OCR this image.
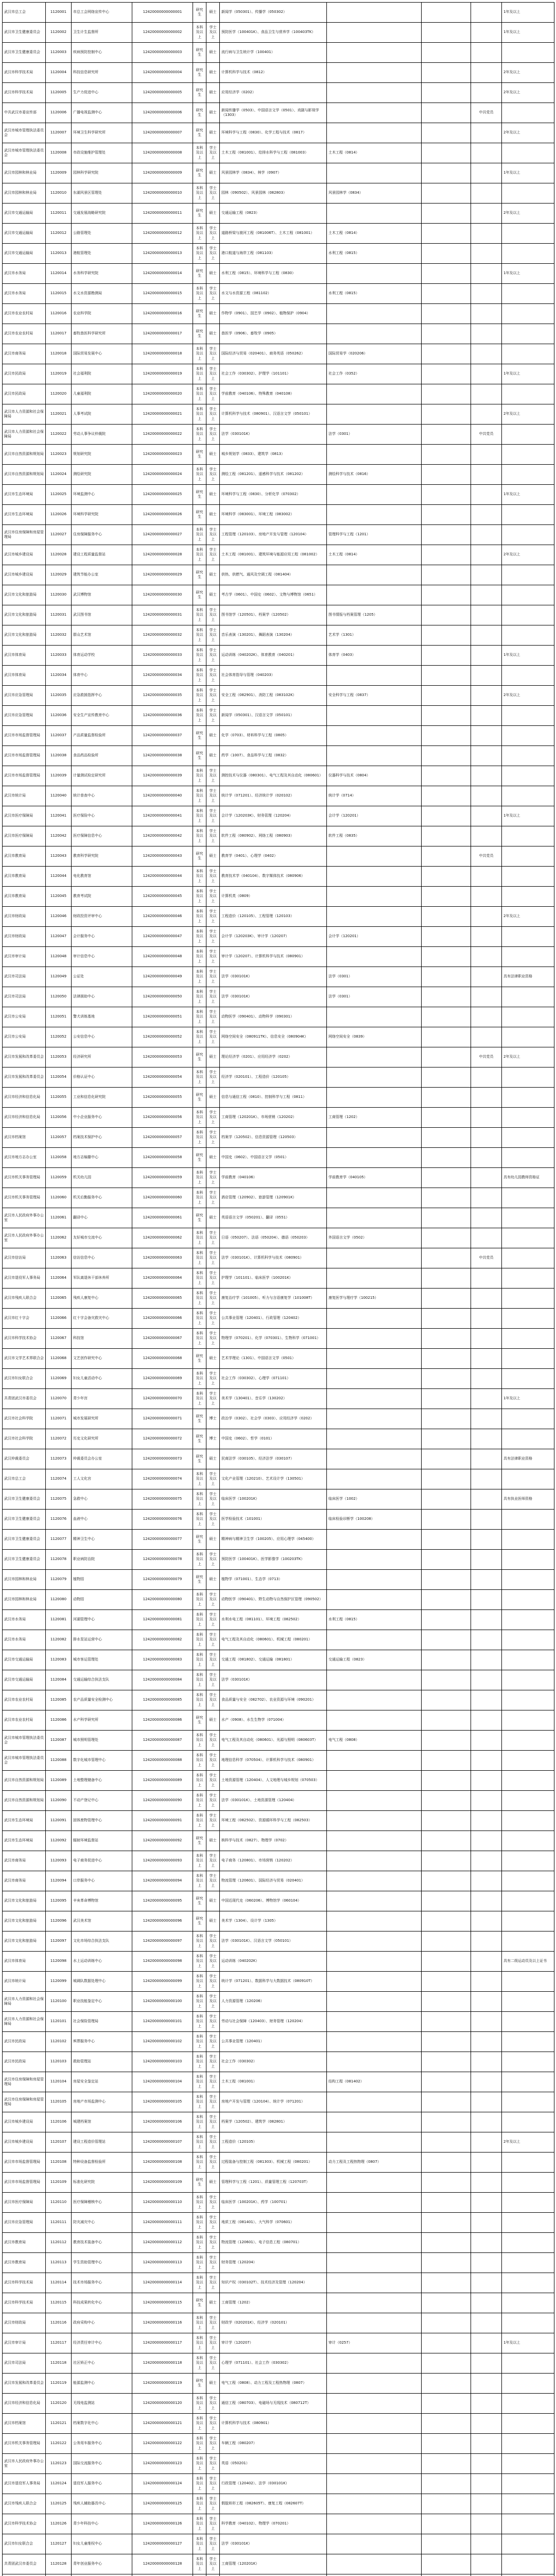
武汉市总工会	1120001	市总工会网络宣传中心	12420000000000001	研究生	硕士	新闻学（050301）、传播学（050302）				1年及以上
武汉市卫生健康委员会	1120002	卫生计生监督所	12420000000000002	本科及以上	学士及以上	预防医学（100401K）、食品卫生与营养学（100403TK）				1年及以上
武汉市卫生健康委员会	1120003	疾病预防控制中心	12420000000000003	研究生	硕士	流行病与卫生统计学（100401）				
武汉市科学技术局	1120004	科技信息研究所	12420000000000004	研究生	硕士	计算机科学与技术（0812）				2年及以上
武汉市科学技术局	1120005	生产力促进中心	12420000000000005	研究生	硕士	应用经济学（0202）				2年及以上
中共武汉市委宣传部	1120006	广播电视监测中心	12420000000000006	研究生	硕士	新闻传播学（0503）、中国语言文学（0501）、戏剧与影视学（1303）			中共党员	
武汉市城市管理执法委员会	1120007	环境卫生科学研究所	12420000000000007	研究生	硕士	环境科学与工程（0830）、化学工程与技术（0817）				2年及以上
武汉市城市管理执法委员会	1120008	市政设施维护管理处	12420000000000008	本科及以上	学士及以上	土木工程（081001）、给排水科学与工程（081003）	土木工程（0814）			
武汉市园林和林业局	1120009	园林科学研究院	12420000000000009	研究生	硕士	风景园林学（0834）、林学（0907）				1年及以上
武汉市园林和林业局	1120010	东湖风景区管理处	12420000000000010	本科及以上	学士及以上	园林（090502）、风景园林（082803）	风景园林学（0834）			
武汉市交通运输局	1120011	交通发展战略研究院	12420000000000011	研究生	硕士	交通运输工程（0823）				2年及以上
武汉市交通运输局	1120012	公路管理处	12420000000000012	本科及以上	学士及以上	道路桥梁与渡河工程（081006T）、土木工程（081001）	土木工程（0814）			
武汉市交通运输局	1120013	港航管理处	12420000000000013	本科及以上	学士及以上	港口航道与海岸工程（081103）	水利工程（0815）			
武汉市水务局	1120014	水务科学研究院	12420000000000014	研究生	硕士	水利工程（0815）、环境科学与工程（0830）				1年及以上
武汉市水务局	1120015	水文水资源勘测局	12420000000000015	本科及以上	学士及以上	水文与水资源工程（081102）	水利工程（0815）			
武汉市农业农村局	1120016	农业科学院	12420000000000016	研究生	硕士	作物学（0901）、园艺学（0902）、植物保护（0904）				
武汉市农业农村局	1120017	畜牧兽医科学研究所	12420000000000017	研究生	硕士	兽医学（0906）、畜牧学（0905）				
武汉市商务局	1120018	国际贸易发展中心	12420000000000018	本科及以上	学士及以上	国际经济与贸易（020401）、商务英语（050262）	国际贸易学（020206）			
武汉市民政局	1120019	社会福利院	12420000000000019	本科及以上	学士及以上	社会工作（030302）、护理学（101101）	社会工作（0352）			1年及以上
武汉市民政局	1120020	儿童福利院	12420000000000020	本科及以上	学士及以上	学前教育（040106）、特殊教育（040108）				
武汉市人力资源和社会保障局	1120021	人事考试院	12420000000000021	本科及以上	学士及以上	计算机科学与技术（080901）、汉语言文学（050101）				2年及以上
武汉市人力资源和社会保障局	1120022	劳动人事争议仲裁院	12420000000000022	本科及以上	学士及以上	法学（030101K）	法学（0301）		中共党员	
武汉市自然资源和规划局	1120023	规划研究院	12420000000000023	研究生	硕士	城乡规划学（0833）、建筑学（0813）				
武汉市自然资源和规划局	1120024	测绘研究院	12420000000000024	本科及以上	学士及以上	测绘工程（081201）、遥感科学与技术（081202）	测绘科学与技术（0816）			
武汉市生态环境局	1120025	环境监测中心	12420000000000025	研究生	硕士	环境科学与工程（0830）、分析化学（070302）				1年及以上
武汉市生态环境局	1120026	环境科学研究院	12420000000000026	研究生	硕士	环境科学（083001）、环境工程（083002）				
武汉市住房保障和房屋管理局	1120027	住房保障服务中心	12420000000000027	本科及以上	学士及以上	工程管理（120103）、房地产开发与管理（120104）	管理科学与工程（1201）			
武汉市城乡建设局	1120028	建设工程质量监督站	12420000000000028	本科及以上	学士及以上	土木工程（081001）、建筑环境与能源应用工程（081002）	土木工程（0814）			2年及以上
武汉市城乡建设局	1120029	建筑节能办公室	12420000000000029	研究生	硕士	供热、供燃气、通风及空调工程（081404）				
武汉市文化和旅游局	1120030	武汉博物馆	12420000000000030	研究生	硕士	考古学（0601）、中国史（0602）、文物与博物馆（0651）				
武汉市文化和旅游局	1120031	武汉图书馆	12420000000000031	本科及以上	学士及以上	图书馆学（120501）、档案学（120502）	图书情报与档案管理（1205）			
武汉市文化和旅游局	1120032	群众艺术馆	12420000000000032	本科及以上	学士及以上	音乐表演（130201）、舞蹈表演（130204）	艺术学（1301）			
武汉市体育局	1120033	体育运动学校	12420000000000033	本科及以上	学士及以上	运动训练（040202K）、体育教育（040201）	体育学（0403）			1年及以上
武汉市体育局	1120034	体育中心	12420000000000034	本科及以上	学士及以上	社会体育指导与管理（040203）				
武汉市应急管理局	1120035	应急救援指挥中心	12420000000000035	本科及以上	学士及以上	安全工程（082901）、消防工程（083102K）	安全科学与工程（0837）			2年及以上
武汉市应急管理局	1120036	安全生产宣传教育中心	12420000000000036	本科及以上	学士及以上	新闻学（050301）、汉语言文学（050101）				
武汉市市场监督管理局	1120037	产品质量监督检验所	12420000000000037	研究生	硕士	化学（0703）、材料科学与工程（0805）				
武汉市市场监督管理局	1120038	食品药品检验所	12420000000000038	研究生	硕士	药学（1007）、食品科学与工程（0832）				
武汉市市场监督管理局	1120039	计量测试检定研究所	12420000000000039	本科及以上	学士及以上	测控技术与仪器（080301）、电气工程及其自动化（080601）	仪器科学与技术（0804）			
武汉市统计局	1120040	统计普查中心	12420000000000040	本科及以上	学士及以上	统计学（071201）、经济统计学（020102）	统计学（0714）			
武汉市医疗保障局	1120041	医疗保险中心	12420000000000041	本科及以上	学士及以上	会计学（120203K）、财务管理（120204）	会计学（120201）			1年及以上
武汉市医疗保障局	1120042	医疗保障信息中心	12420000000000042	本科及以上	学士及以上	软件工程（080902）、网络工程（080903）	软件工程（0835）			
武汉市教育局	1120043	教育科学研究院	12420000000000043	研究生	硕士	教育学（0401）、心理学（0402）			中共党员	
武汉市教育局	1120044	电化教育馆	12420000000000044	本科及以上	学士及以上	教育技术学（040104）、数字媒体技术（080906）				
武汉市教育局	1120045	教育考试院	12420000000000045	本科及以上	学士及以上	计算机类（0809）				
武汉市财政局	1120046	财政投资评审中心	12420000000000046	本科及以上	学士及以上	工程造价（120105）、工程管理（120103）				2年及以上
武汉市财政局	1120047	会计服务中心	12420000000000047	本科及以上	学士及以上	会计学（120203K）、审计学（120207）	会计学（120201）			
武汉市审计局	1120048	审计信息中心	12420000000000048	本科及以上	学士及以上	审计学（120207）、计算机科学与技术（080901）				
武汉市司法局	1120049	公证处	12420000000000049	本科及以上	学士及以上	法学（030101K）	法学（0301）			具有法律职业资格
武汉市司法局	1120050	法律援助中心	12420000000000050	本科及以上	学士及以上	法学（030101K）	法学（0301）			
武汉市公安局	1120051	警犬训练基地	12420000000000051	本科及以上	学士及以上	动物医学（090401）、动物科学（090301）				
武汉市公安局	1120052	公安信息中心	12420000000000052	本科及以上	学士及以上	网络空间安全（080911TK）、信息安全（080904K）	网络空间安全（0839）			
武汉市发展和改革委员会	1120053	经济研究所	12420000000000053	研究生	硕士	理论经济学（0201）、应用经济学（0202）			中共党员	2年及以上
武汉市发展和改革委员会	1120054	价格认证中心	12420000000000054	本科及以上	学士及以上	经济学（020101）、工程造价（120105）				
武汉市经济和信息化局	1120055	工业和信息化研究院	12420000000000055	研究生	硕士	信息与通信工程（0810）、控制科学与工程（0811）				
武汉市经济和信息化局	1120056	中小企业服务中心	12420000000000056	本科及以上	学士及以上	工商管理（120201K）、市场营销（120202）	工商管理（1202）			
武汉市档案馆	1120057	档案技术保护中心	12420000000000057	本科及以上	学士及以上	档案学（120502）、信息资源管理（120503）				
武汉市地方志办公室	1120058	地方志编纂中心	12420000000000058	研究生	硕士	中国史（0602）、中国语言文学（0501）				
武汉市机关事务管理局	1120059	机关幼儿园	12420000000000059	本科及以上	学士及以上	学前教育（040106）	学前教育学（040105）			具有幼儿园教师资格证
武汉市机关事务管理局	1120060	机关后勤服务中心	12420000000000060	本科及以上	学士及以上	酒店管理（120902）、旅游管理（120901K）				
武汉市人民政府外事办公室	1120061	翻译中心	12420000000000061	研究生	硕士	英语语言文学（050201）、翻译（0551）				
武汉市人民政府外事办公室	1120062	友好城市交流中心	12420000000000062	本科及以上	学士及以上	日语（050207）、法语（050204）、德语（050203）	外国语言文学（0502）			
武汉市信访局	1120063	信访信息中心	12420000000000063	本科及以上	学士及以上	法学（030101K）、计算机科学与技术（080901）			中共党员	
武汉市退役军人事务局	1120064	军队离退休干部休养所	12420000000000064	本科及以上	学士及以上	护理学（101101）、临床医学（100201K）				
武汉市残疾人联合会	1120065	残疾人康复中心	12420000000000065	本科及以上	学士及以上	康复治疗学（101005）、听力与言语康复学（101008T）	康复医学与理疗学（100215）			
武汉市红十字会	1120066	红十字会备灾救灾中心	12420000000000066	本科及以上	学士及以上	公共事业管理（120401）、行政管理（120402）				
武汉市科学技术协会	1120067	科技馆	12420000000000067	本科及以上	学士及以上	物理学（070201）、化学（070301）、生物科学（071001）				
武汉市文学艺术界联合会	1120068	文艺创作研究中心	12420000000000068	研究生	硕士	艺术学理论（1301）、中国语言文学（0501）				
武汉市妇女联合会	1120069	妇女儿童活动中心	12420000000000069	本科及以上	学士及以上	社会工作（030302）、心理学（071101）				
共青团武汉市委员会	1120070	青少年宫	12420000000000070	本科及以上	学士及以上	美术学（130401）、音乐学（130202）				1年及以上
武汉市社会科学院	1120071	城市发展研究所	12420000000000071	研究生	博士	政治学（0302）、社会学（0303）、应用经济学（0202）				
武汉市社会科学院	1120072	历史文化研究所	12420000000000072	研究生	博士	中国史（0602）、哲学（0101）				
武汉仲裁委员会	1120073	仲裁委员会办公室	12420000000000073	研究生	硕士	民商法学（030105）、经济法学（030107）				具有法律职业资格
武汉市总工会	1120074	工人文化宫	12420000000000074	本科及以上	学士及以上	文化产业管理（120210）、艺术设计学（130501）				
武汉市卫生健康委员会	1120075	急救中心	12420000000000075	本科及以上	学士及以上	临床医学（100201K）	临床医学（1002）			具有执业医师资格
武汉市卫生健康委员会	1120076	血液中心	12420000000000076	本科及以上	学士及以上	医学检验技术（101001）	临床检验诊断学（100208）			
武汉市卫生健康委员会	1120077	精神卫生中心	12420000000000077	研究生	硕士	精神病与精神卫生学（100205）、应用心理学（045400）				
武汉市卫生健康委员会	1120078	职业病防治院	12420000000000078	本科及以上	学士及以上	预防医学（100401K）、医学影像学（100203TK）				
武汉市园林和林业局	1120079	植物园	12420000000000079	研究生	硕士	植物学（071001）、生态学（0713）				
武汉市园林和林业局	1120080	动物园	12420000000000080	本科及以上	学士及以上	动物医学（090401）、野生动物与自然保护区管理（090502）				
武汉市水务局	1120081	河湖管理中心	12420000000000081	本科及以上	学士及以上	水利水电工程（081101）、环境工程（082502）	水利工程（0815）			
武汉市水务局	1120082	排水泵站运营中心	12420000000000082	本科及以上	学士及以上	电气工程及其自动化（080601）、机械工程（080201）				
武汉市交通运输局	1120083	城市客运管理处	12420000000000083	本科及以上	学士及以上	交通工程（081802）、交通运输（081801）	交通运输工程（0823）			
武汉市交通运输局	1120084	交通运输综合执法支队	12420000000000084	本科及以上	学士及以上	法学（030101K）				
武汉市农业农村局	1120085	农产品质量安全检测中心	12420000000000085	本科及以上	学士及以上	食品质量与安全（082702）、农业资源与环境（090201）				
武汉市农业农村局	1120086	水产科学研究所	12420000000000086	研究生	硕士	水产（0908）、水生生物学（071004）				
武汉市城市管理执法委员会	1120087	城市照明管理处	12420000000000087	本科及以上	学士及以上	电气工程及其自动化（080601）、光源与照明（080603T）	电气工程（0808）			
武汉市城市管理执法委员会	1120088	数字化城市管理中心	12420000000000088	本科及以上	学士及以上	地理信息科学（070504）、计算机科学与技术（080901）				
武汉市自然资源和规划局	1120089	土地整理储备中心	12420000000000089	本科及以上	学士及以上	土地资源管理（120404）、人文地理与城乡规划（070503）				
武汉市自然资源和规划局	1120090	不动产登记中心	12420000000000090	本科及以上	学士及以上	法学（030101K）、土地资源管理（120404）				
武汉市生态环境局	1120091	固体废物管理中心	12420000000000091	本科及以上	学士及以上	环境工程（082502）、资源循环科学与工程（082503）				
武汉市生态环境局	1120092	辐射环境监督站	12420000000000092	研究生	硕士	核科学与技术（0827）、物理学（0702）				
武汉市商务局	1120093	电子商务促进中心	12420000000000093	本科及以上	学士及以上	电子商务（120801）、市场营销（120202）				
武汉市商务局	1120094	口岸服务中心	12420000000000094	本科及以上	学士及以上	物流管理（120601）、国际经济与贸易（020401）				
武汉市文化和旅游局	1120095	辛亥革命博物馆	12420000000000095	研究生	硕士	中国近现代史（060206）、博物馆学（060104）				
武汉市文化和旅游局	1120096	武汉美术馆	12420000000000096	研究生	硕士	美术学（1304）、设计学（1305）				
武汉市文化和旅游局	1120097	文化市场综合执法支队	12420000000000097	本科及以上	学士及以上	法学（030101K）、汉语言文学（050101）				
武汉市体育局	1120098	水上运动训练中心	12420000000000098	本科及以上	学士及以上	运动训练（040202K）				具有二级运动员及以上证书
武汉市统计局	1120099	城调队数据处理中心	12420000000000099	本科及以上	学士及以上	统计学（071201）、数据科学与大数据技术（080910T）				
武汉市人力资源和社会保障局	1120100	职业技能鉴定中心	12420000000000100	本科及以上	学士及以上	人力资源管理（120206）				
武汉市人力资源和社会保障局	1120101	社会保险管理局	12420000000000101	本科及以上	学士及以上	劳动与社会保障（120403）、财务管理（120204）				
武汉市民政局	1120102	殡葬服务中心	12420000000000102	本科及以上	学士及以上	公共事业管理（120401）				
武汉市民政局	1120103	救助管理站	12420000000000103	本科及以上	学士及以上	社会工作（030302）				
武汉市住房保障和房屋管理局	1120104	房屋安全鉴定站	12420000000000104	本科及以上	学士及以上	土木工程（081001）	结构工程（081402）			
武汉市住房保障和房屋管理局	1120105	房地产市场监测中心	12420000000000105	本科及以上	学士及以上	房地产开发与管理（120104）、统计学（071201）				
武汉市城乡建设局	1120106	城建档案馆	12420000000000106	本科及以上	学士及以上	档案学（120502）、建筑学（082801）				
武汉市城乡建设局	1120107	建设工程造价管理站	12420000000000107	本科及以上	学士及以上	工程造价（120105）				2年及以上
武汉市市场监督管理局	1120108	特种设备监督检验所	12420000000000108	本科及以上	学士及以上	过程装备与控制工程（081303）、机械工程（080201）	动力工程及工程热物理（0807）			
武汉市市场监督管理局	1120109	标准化研究院	12420000000000109	研究生	硕士	管理科学与工程（1201）、质量管理工程（120703T）				
武汉市医疗保障局	1120110	医疗保障稽核中心	12420000000000110	本科及以上	学士及以上	临床医学（100201K）、药学（100701）				
武汉市应急管理局	1120111	防灾减灾中心	12420000000000111	本科及以上	学士及以上	地质工程（081401）、大气科学（070601）				
武汉市教育局	1120112	教育技术装备中心	12420000000000112	本科及以上	学士及以上	物流管理（120601）、电子信息工程（080701）				
武汉市教育局	1120113	学生资助管理中心	12420000000000113	本科及以上	学士及以上	财务管理（120204）				
武汉市科学技术局	1120114	技术市场服务中心	12420000000000114	本科及以上	学士及以上	知识产权（030102T）、技术经济及管理（120204）				
武汉市科学技术局	1120115	科技成果转化中心	12420000000000115	研究生	硕士	工商管理（1202）				
武汉市财政局	1120116	政府采购中心	12420000000000116	本科及以上	学士及以上	财政学（020201K）、经济学（020101）				
武汉市审计局	1120117	经济责任审计中心	12420000000000117	本科及以上	学士及以上	审计学（120207）	审计（0257）			1年及以上
武汉市司法局	1120118	社区矫正中心	12420000000000118	本科及以上	学士及以上	心理学（071101）、社会工作（030302）				
武汉市发展和改革委员会	1120119	能源监测中心	12420000000000119	研究生	硕士	电气工程（0808）、动力工程及工程热物理（0807）				
武汉市经济和信息化局	1120120	无线电监测站	12420000000000120	本科及以上	学士及以上	通信工程（080703）、电磁场与无线技术（080712T）				
武汉市档案馆	1120121	档案数字化中心	12420000000000121	本科及以上	学士及以上	计算机科学与技术（080901）				
武汉市机关事务管理局	1120122	公务用车服务中心	12420000000000122	本科及以上	学士及以上	车辆工程（080207）				
武汉市人民政府外事办公室	1120123	国际交流服务中心	12420000000000123	本科及以上	学士及以上	英语（050201）				
武汉市退役军人事务局	1120124	退役军人服务中心	12420000000000124	本科及以上	学士及以上	行政管理（120402）、法学（030101K）				
武汉市残疾人联合会	1120125	残疾人辅助器具中心	12420000000000125	本科及以上	学士及以上	假肢矫形工程（082605T）、康复工程（082607T）				
武汉市科学技术协会	1120126	青少年科技中心	12420000000000126	本科及以上	学士及以上	科学教育（040102）、物理学（070201）				
武汉市妇女联合会	1120127	妇女儿童维权中心	12420000000000127	本科及以上	学士及以上	法学（030101K）				
共青团武汉市委员会	1120128	青年创业服务中心	12420000000000128	本科及以上	学士及以上	工商管理（120201K）				
